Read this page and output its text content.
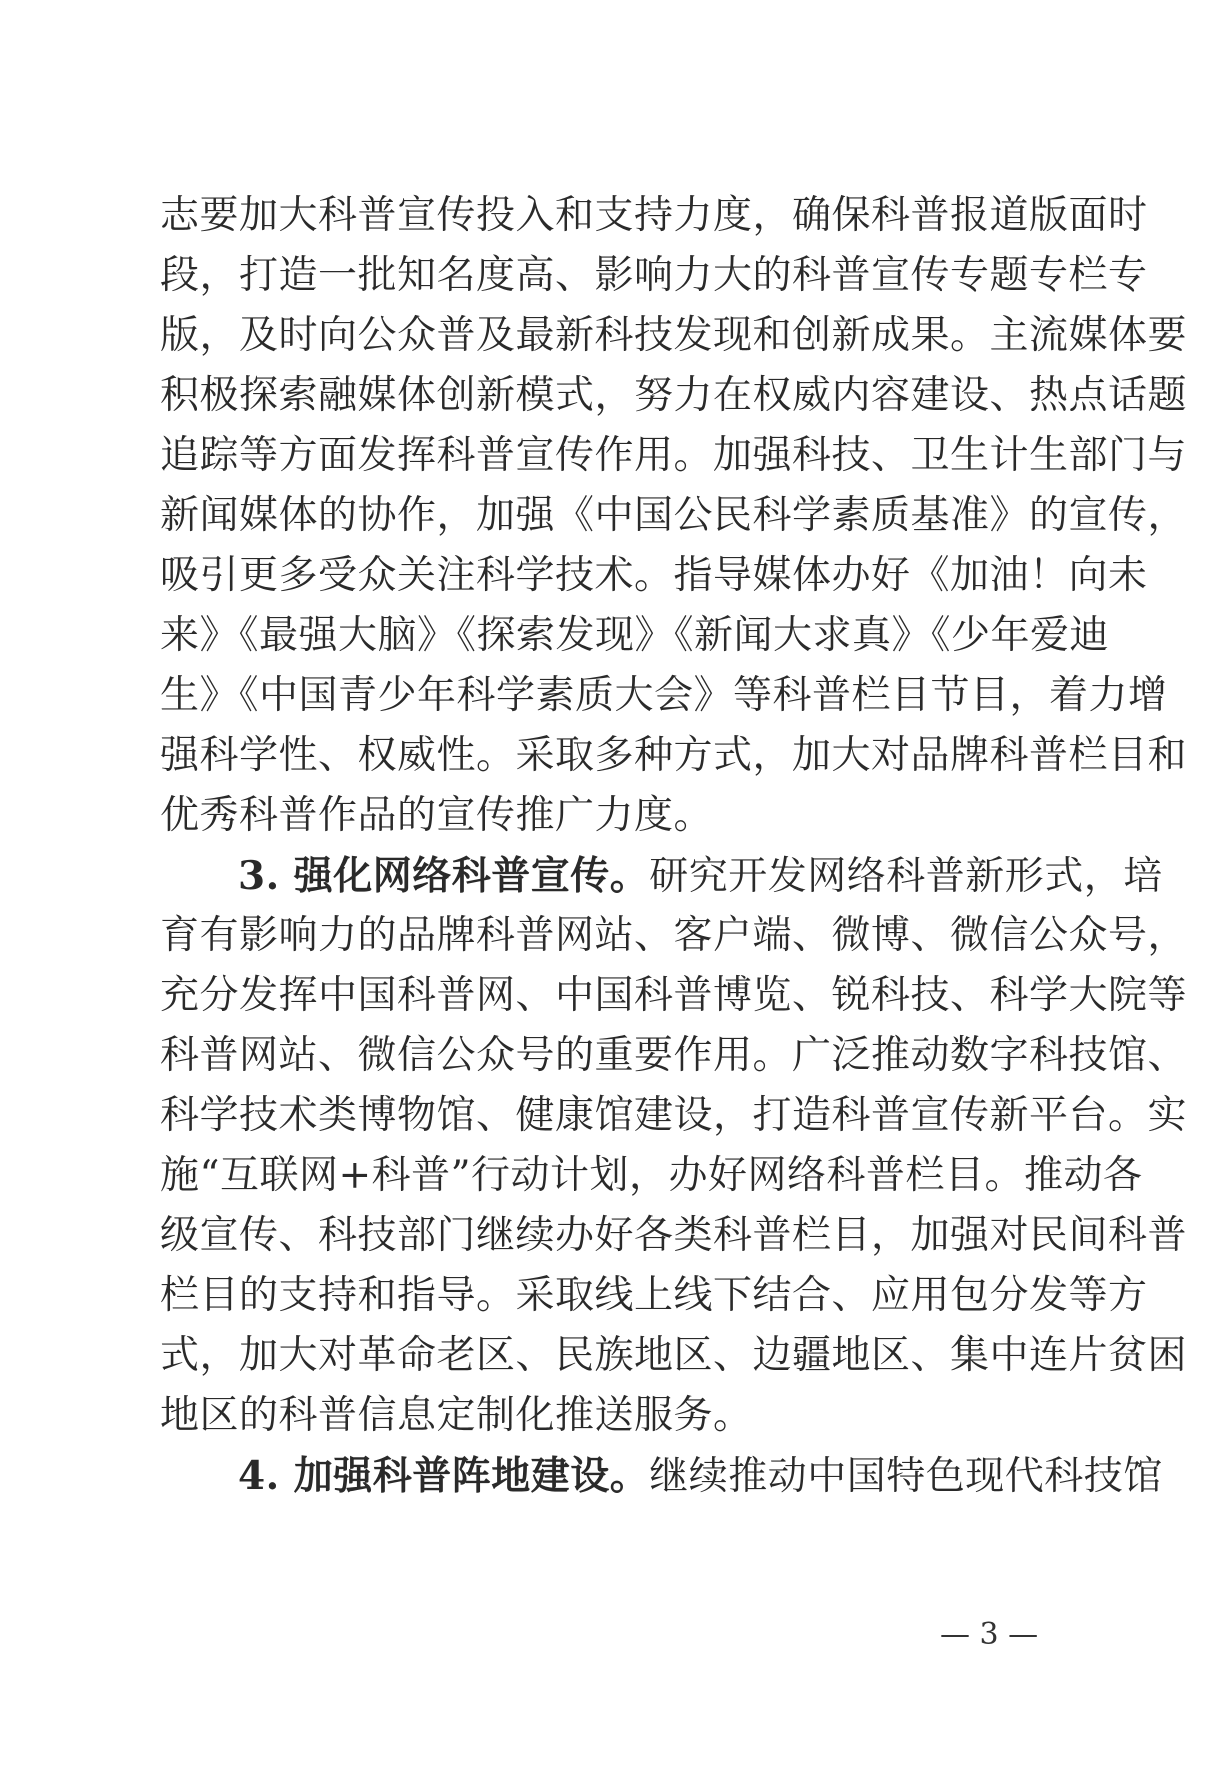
志要加大科普宣传投入和支持力度，确保科普报道版面时
段，打造一批知名度高、影响力大的科普宣传专题专栏专
版，及时向公众普及最新科技发现和创新成果。主流媒体要
积极探索融媒体创新模式，努力在权威内容建设、热点话题
追踪等方面发挥科普宣传作用。加强科技、卫生计生部门与
新闻媒体的协作，加强《中国公民科学素质基准》的宣传，
吸引更多受众关注科学技术。指导媒体办好《加油！向未
来》《最强大脑》《探索发现》《新闻大求真》《少年爱迪
生》《中国青少年科学素质大会》等科普栏目节目，着力增
强科学性、权威性。采取多种方式，加大对品牌科普栏目和
优秀科普作品的宣传推广力度。
3. 强化网络科普宣传。研究开发网络科普新形式，培
育有影响力的品牌科普网站、客户端、微博、微信公众号，
充分发挥中国科普网、中国科普博览、锐科技、科学大院等
科普网站、微信公众号的重要作用。广泛推动数字科技馆、
科学技术类博物馆、健康馆建设，打造科普宣传新平台。实
施“互联网+科普”行动计划，办好网络科普栏目。推动各
级宣传、科技部门继续办好各类科普栏目，加强对民间科普
栏目的支持和指导。采取线上线下结合、应用包分发等方
式，加大对革命老区、民族地区、边疆地区、集中连片贫困
地区的科普信息定制化推送服务。
4. 加强科普阵地建设。继续推动中国特色现代科技馆
— 3 —
